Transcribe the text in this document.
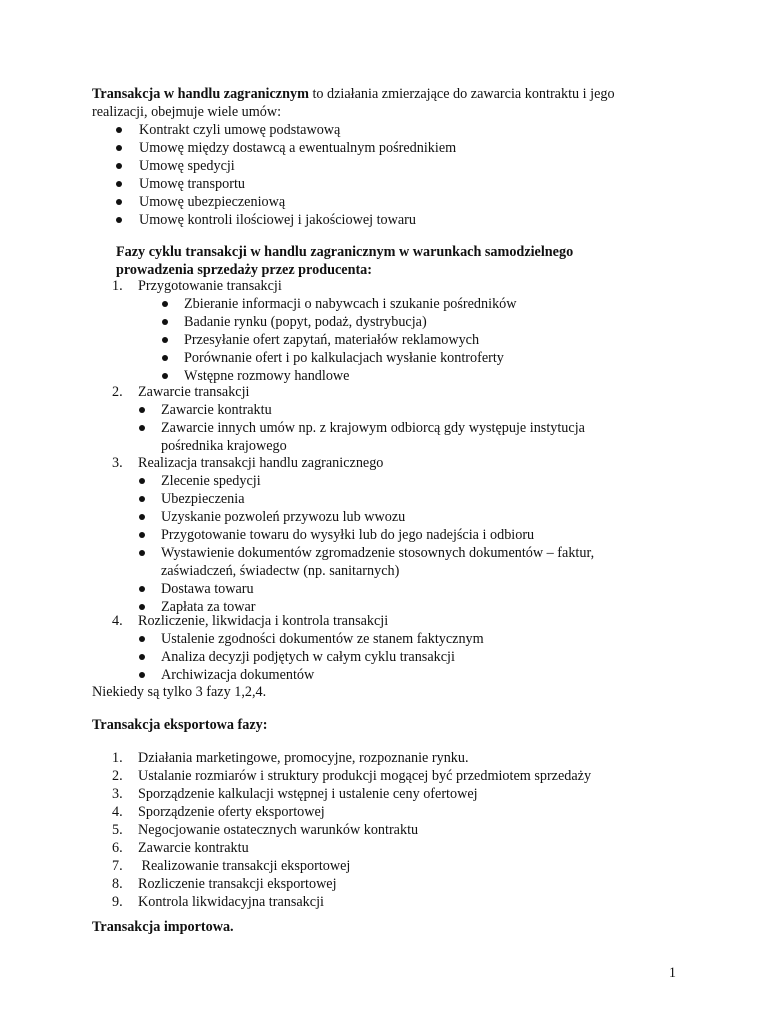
Transakcja w handlu zagranicznym to działania zmierzające do zawarcia kontraktu i jego
realizacji, obejmuje wiele umów:
Kontrakt czyli umowę podstawową
Umowę między dostawcą a ewentualnym pośrednikiem
Umowę spedycji
Umowę transportu
Umowę ubezpieczeniową
Umowę kontroli ilościowej i jakościowej towaru
Fazy cyklu transakcji w handlu zagranicznym w warunkach samodzielnego
prowadzenia sprzedaży przez producenta:
1. Przygotowanie transakcji
Zbieranie informacji o nabywcach i szukanie pośredników
Badanie rynku (popyt, podaż, dystrybucja)
Przesyłanie ofert zapytań, materiałów reklamowych
Porównanie ofert i po kalkulacjach wysłanie kontroferty
Wstępne rozmowy handlowe
2. Zawarcie transakcji
Zawarcie kontraktu
Zawarcie innych umów np. z krajowym odbiorcą gdy występuje instytucja
pośrednika krajowego
3. Realizacja transakcji handlu zagranicznego
Zlecenie spedycji
Ubezpieczenia
Uzyskanie pozwoleń przywozu lub wwozu
Przygotowanie towaru do wysyłki lub do jego nadejścia i odbioru
Wystawienie dokumentów zgromadzenie stosownych dokumentów – faktur,
zaświadczeń, świadectw (np. sanitarnych)
Dostawa towaru
Zapłata za towar
4. Rozliczenie, likwidacja i kontrola transakcji
Ustalenie zgodności dokumentów ze stanem faktycznym
Analiza decyzji podjętych w całym cyklu transakcji
Archiwizacja dokumentów
Niekiedy są tylko 3 fazy 1,2,4.
Transakcja eksportowa fazy:
1. Działania marketingowe, promocyjne, rozpoznanie rynku.
2. Ustalanie rozmiarów i struktury produkcji mogącej być przedmiotem sprzedaży
3. Sporządzenie kalkulacji wstępnej i ustalenie ceny ofertowej
4. Sporządzenie oferty eksportowej
5. Negocjowanie ostatecznych warunków kontraktu
6. Zawarcie kontraktu
7. Realizowanie transakcji eksportowej
8. Rozliczenie transakcji eksportowej
9. Kontrola likwidacyjna transakcji
Transakcja importowa.
1
